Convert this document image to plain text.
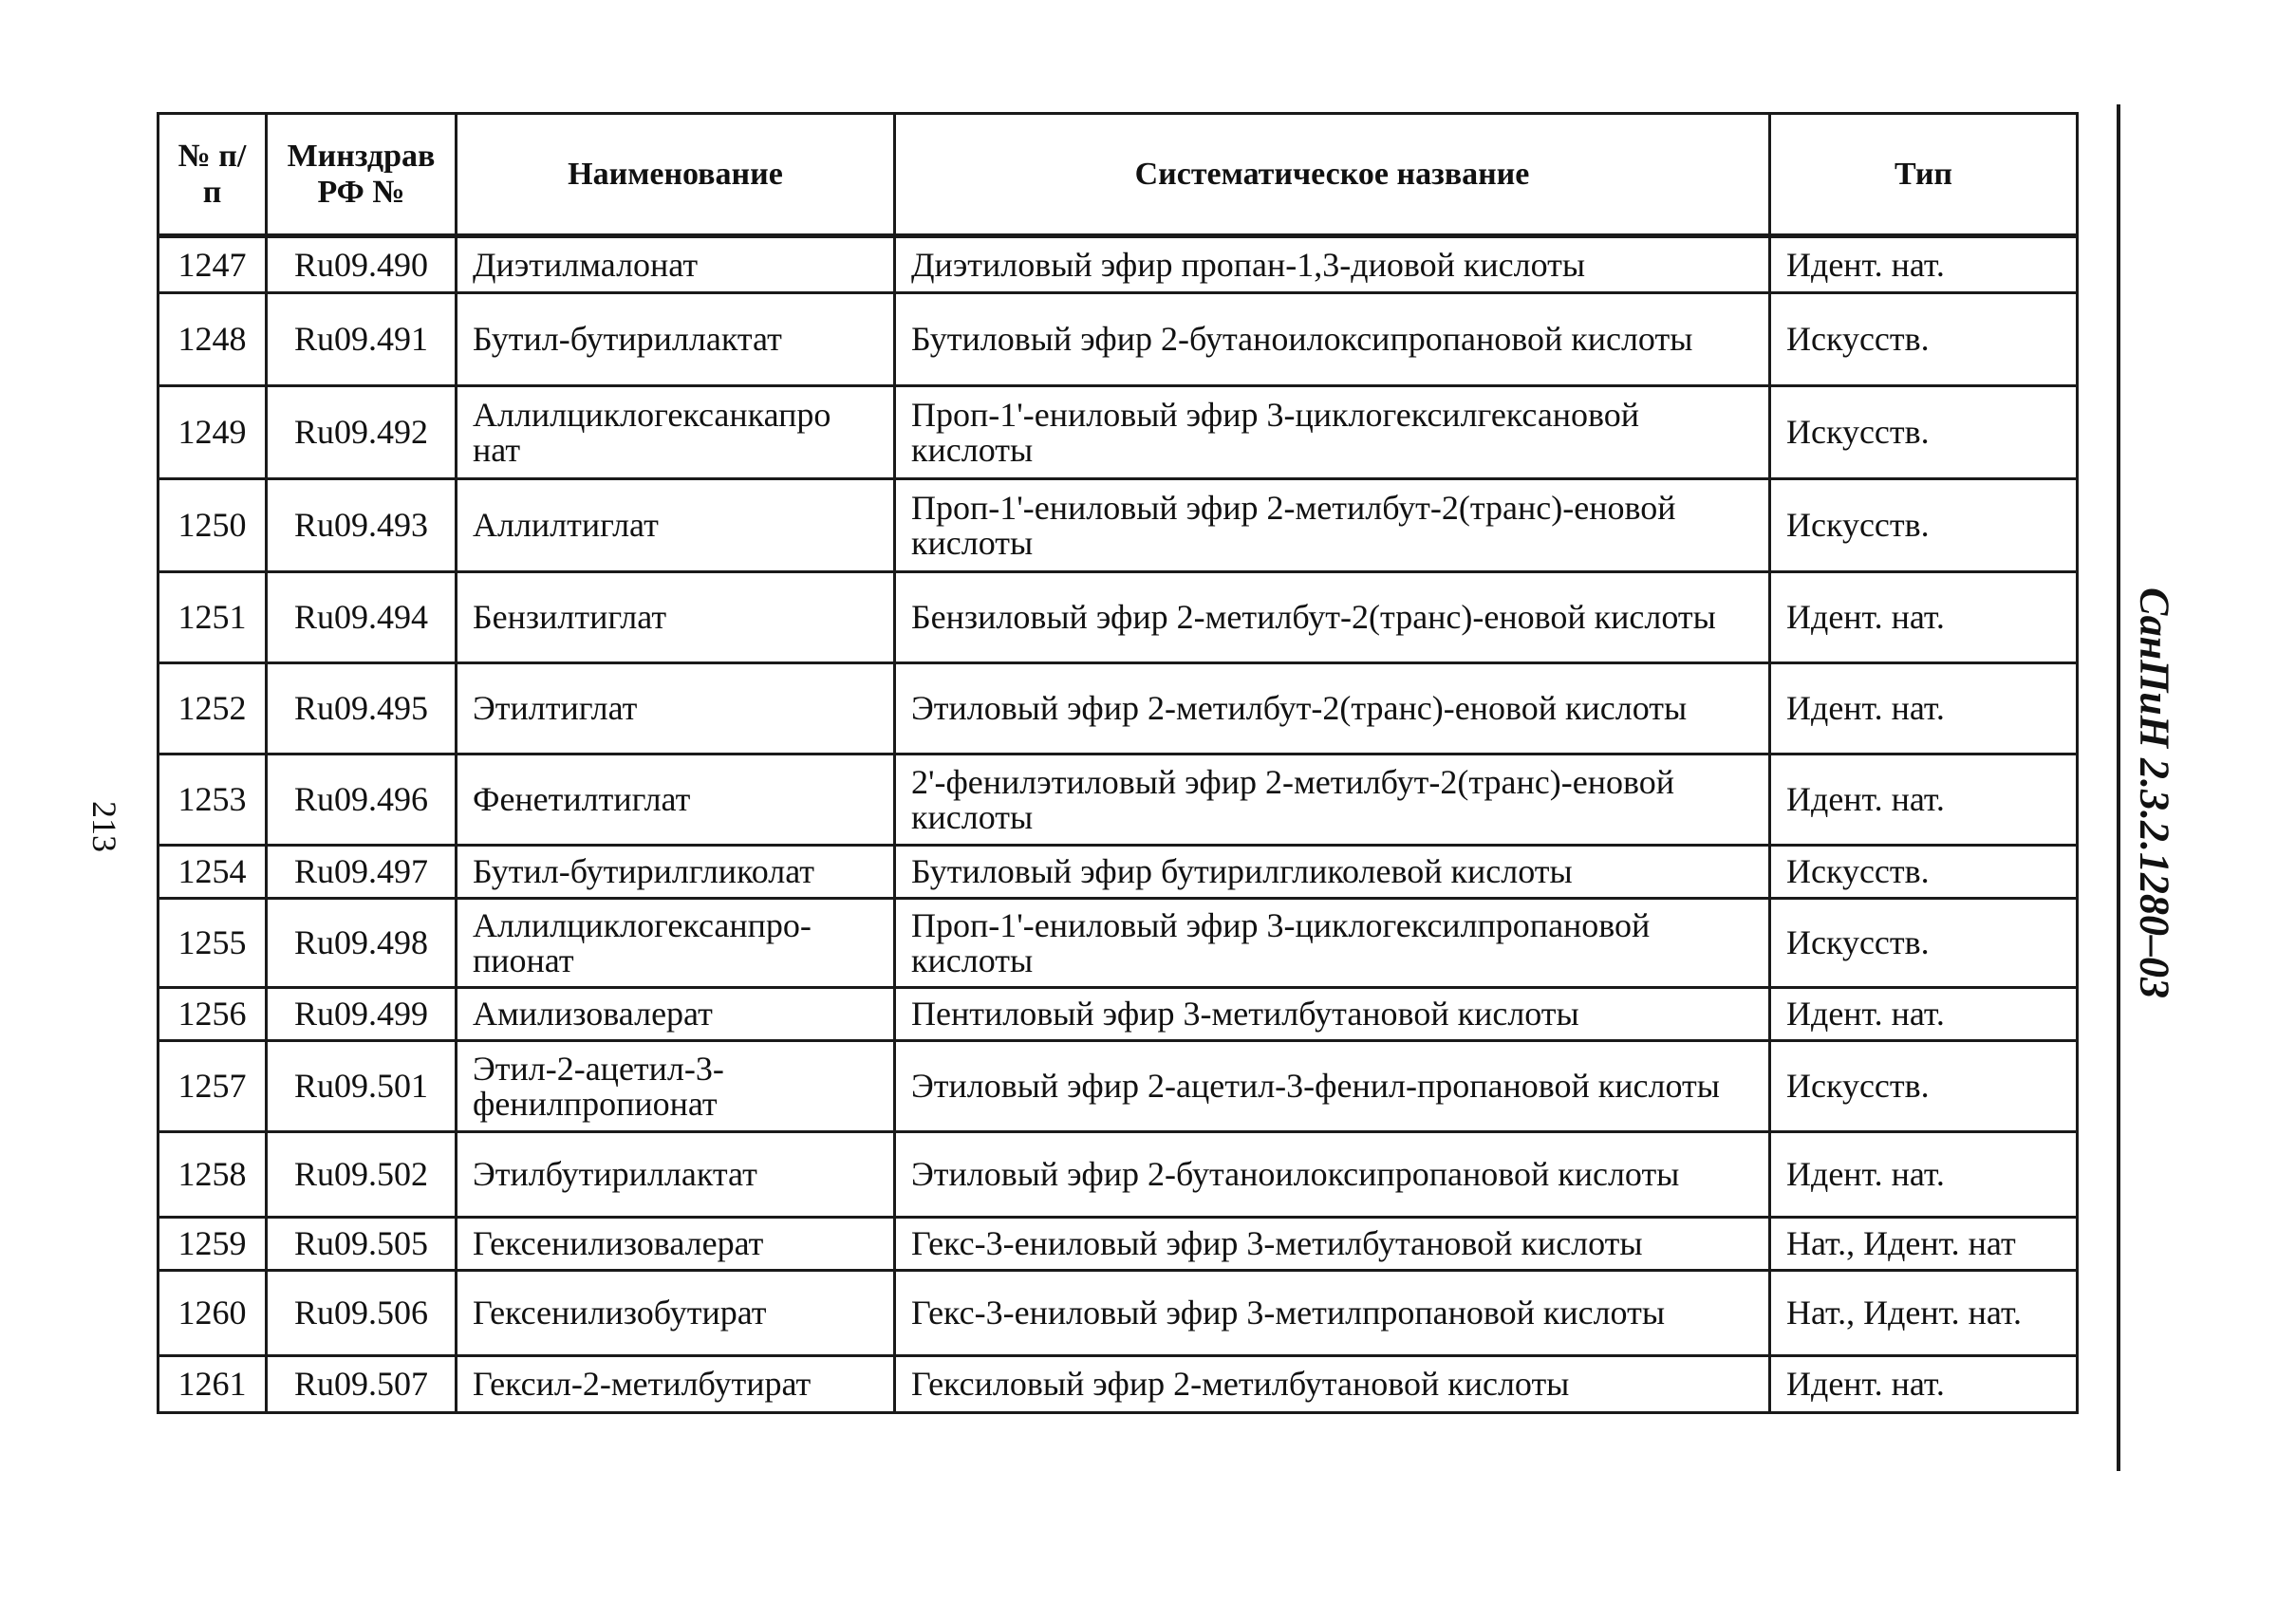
213
№ п/п	Минздрав РФ №	Наименование	Систематическое название	Тип
1247	Ru09.490	Диэтилмалонат	Диэтиловый эфир пропан-1,3-диовой кислоты	Идент. нат.
1248	Ru09.491	Бутил-бутириллактат	Бутиловый эфир 2-бутаноилоксипропановой кислоты	Искусств.
1249	Ru09.492	Аллилциклогексанкапро нат	Проп-1'-ениловый эфир 3-циклогексилгексановой кислоты	Искусств.
1250	Ru09.493	Аллилтиглат	Проп-1'-ениловый эфир 2-метилбут-2(транс)-еновой кислоты	Искусств.
1251	Ru09.494	Бензилтиглат	Бензиловый эфир 2-метилбут-2(транс)-еновой кислоты	Идент. нат.
1252	Ru09.495	Этилтиглат	Этиловый эфир 2-метилбут-2(транс)-еновой кислоты	Идент. нат.
1253	Ru09.496	Фенетилтиглат	2'-фенилэтиловый эфир 2-метилбут-2(транс)-еновой кислоты	Идент. нат.
1254	Ru09.497	Бутил-бутирилгликолат	Бутиловый эфир бутирилгликолевой кислоты	Искусств.
1255	Ru09.498	Аллилциклогексанпро-пионат	Проп-1'-ениловый эфир 3-циклогексилпропановой кислоты	Искусств.
1256	Ru09.499	Амилизовалерат	Пентиловый эфир 3-метилбутановой кислоты	Идент. нат.
1257	Ru09.501	Этил-2-ацетил-3-фенилпропионат	Этиловый эфир 2-ацетил-3-фенил-пропановой кислоты	Искусств.
1258	Ru09.502	Этилбутириллактат	Этиловый эфир 2-бутаноилоксипропановой кислоты	Идент. нат.
1259	Ru09.505	Гексенилизовалерат	Гекс-3-ениловый эфир 3-метилбутановой кислоты	Нат., Идент. нат
1260	Ru09.506	Гексенилизобутират	Гекс-3-ениловый эфир 3-метилпропановой кислоты	Нат., Идент. нат.
1261	Ru09.507	Гексил-2-метилбутират	Гексиловый эфир 2-метилбутановой кислоты	Идент. нат.
СанПиН 2.3.2.1280–03
